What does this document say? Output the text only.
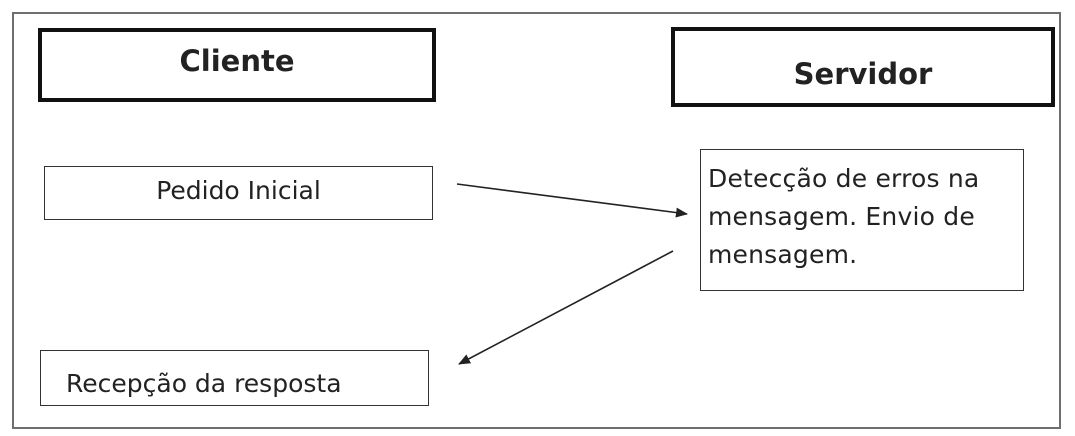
Cliente	Servidor
Pedido Inicial	Detecção de erros na mensagem. Envio de mensagem.
Recepção da resposta
